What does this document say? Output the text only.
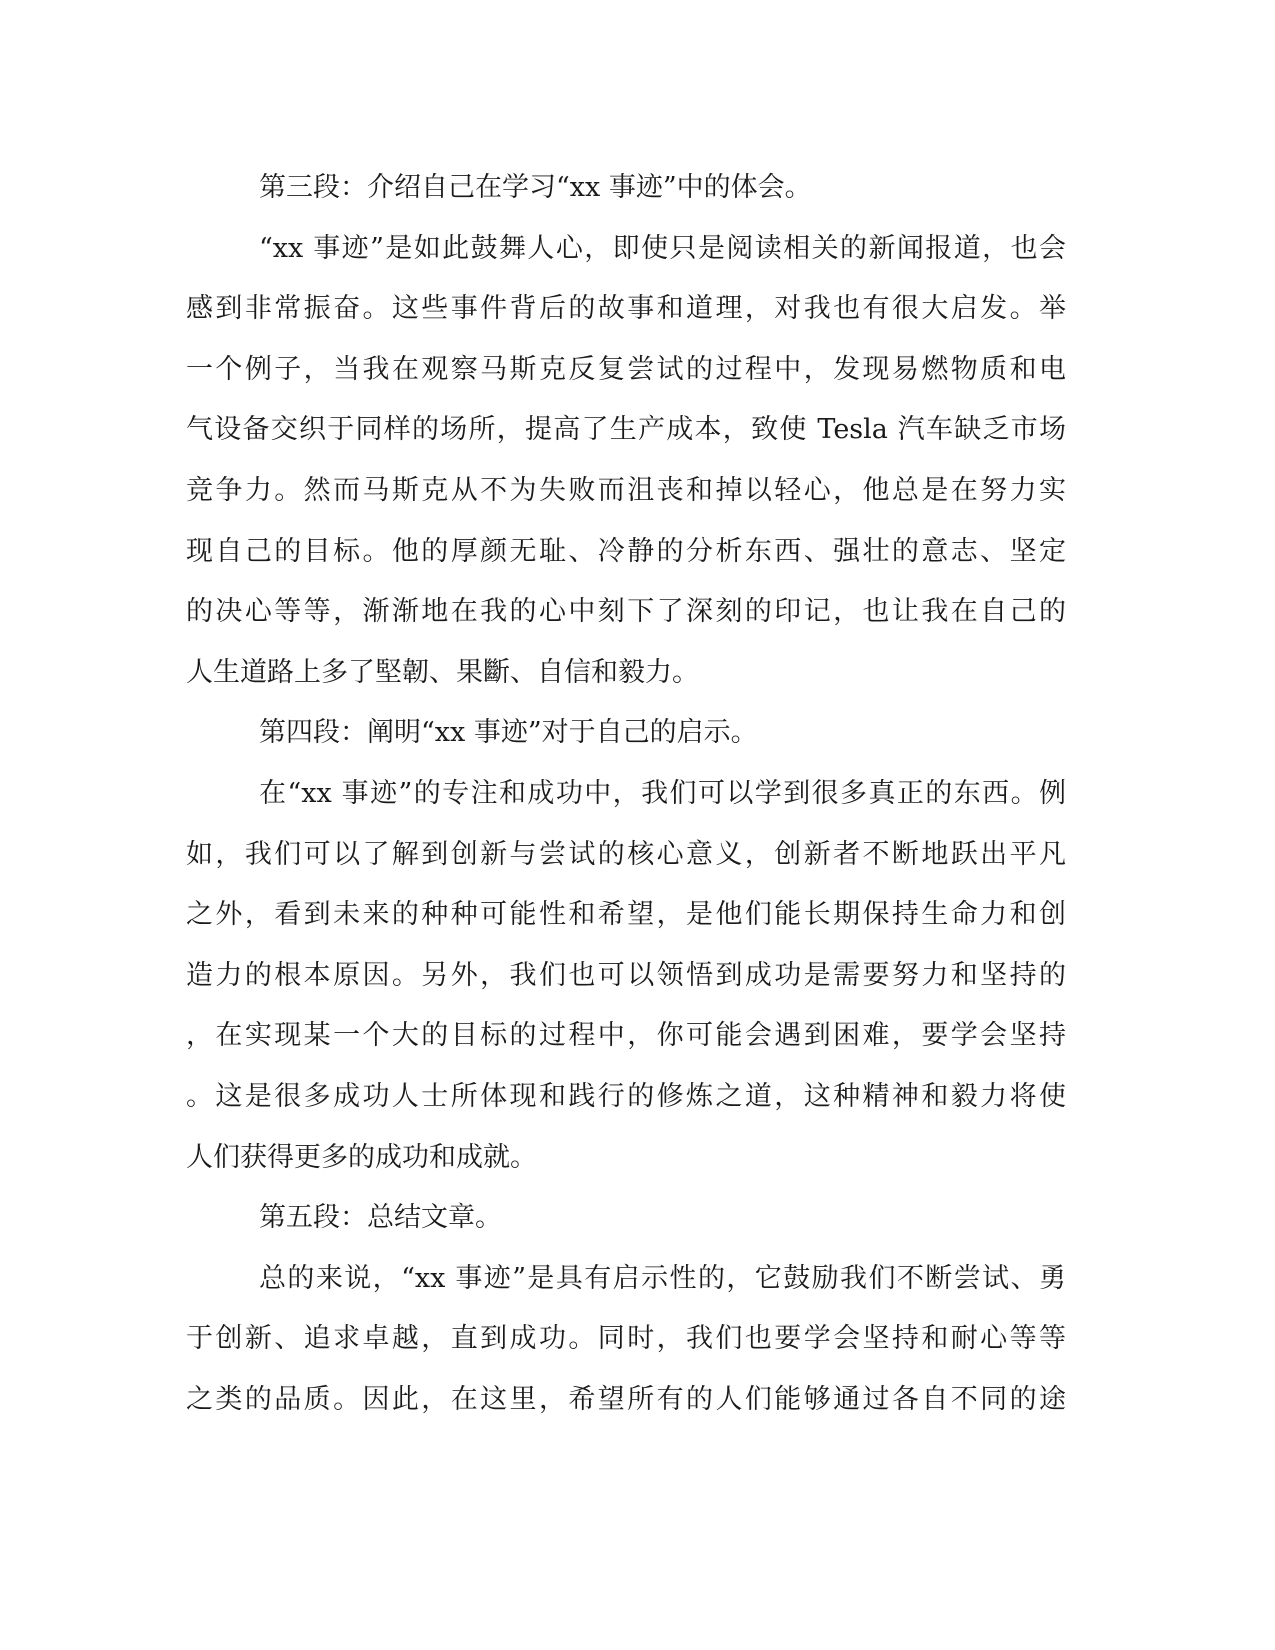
第三段：介绍自己在学习“xx 事迹”中的体会。
“xx 事迹”是如此鼓舞人心，即使只是阅读相关的新闻报道，也会
感到非常振奋。这些事件背后的故事和道理，对我也有很大启发。举
一个例子，当我在观察马斯克反复尝试的过程中，发现易燃物质和电
气设备交织于同样的场所，提高了生产成本，致使 Tesla 汽车缺乏市场
竞争力。然而马斯克从不为失败而沮丧和掉以轻心，他总是在努力实
现自己的目标。他的厚颜无耻、冷静的分析东西、强壮的意志、坚定
的决心等等，渐渐地在我的心中刻下了深刻的印记，也让我在自己的
人生道路上多了堅韌、果斷、自信和毅力。
第四段：阐明“xx 事迹”对于自己的启示。
在“xx 事迹”的专注和成功中，我们可以学到很多真正的东西。例
如，我们可以了解到创新与尝试的核心意义，创新者不断地跃出平凡
之外，看到未来的种种可能性和希望，是他们能长期保持生命力和创
造力的根本原因。另外，我们也可以领悟到成功是需要努力和坚持的
，在实现某一个大的目标的过程中，你可能会遇到困难，要学会坚持
。这是很多成功人士所体现和践行的修炼之道，这种精神和毅力将使
人们获得更多的成功和成就。
第五段：总结文章。
总的来说，“xx 事迹”是具有启示性的，它鼓励我们不断尝试、勇
于创新、追求卓越，直到成功。同时，我们也要学会坚持和耐心等等
之类的品质。因此，在这里，希望所有的人们能够通过各自不同的途
